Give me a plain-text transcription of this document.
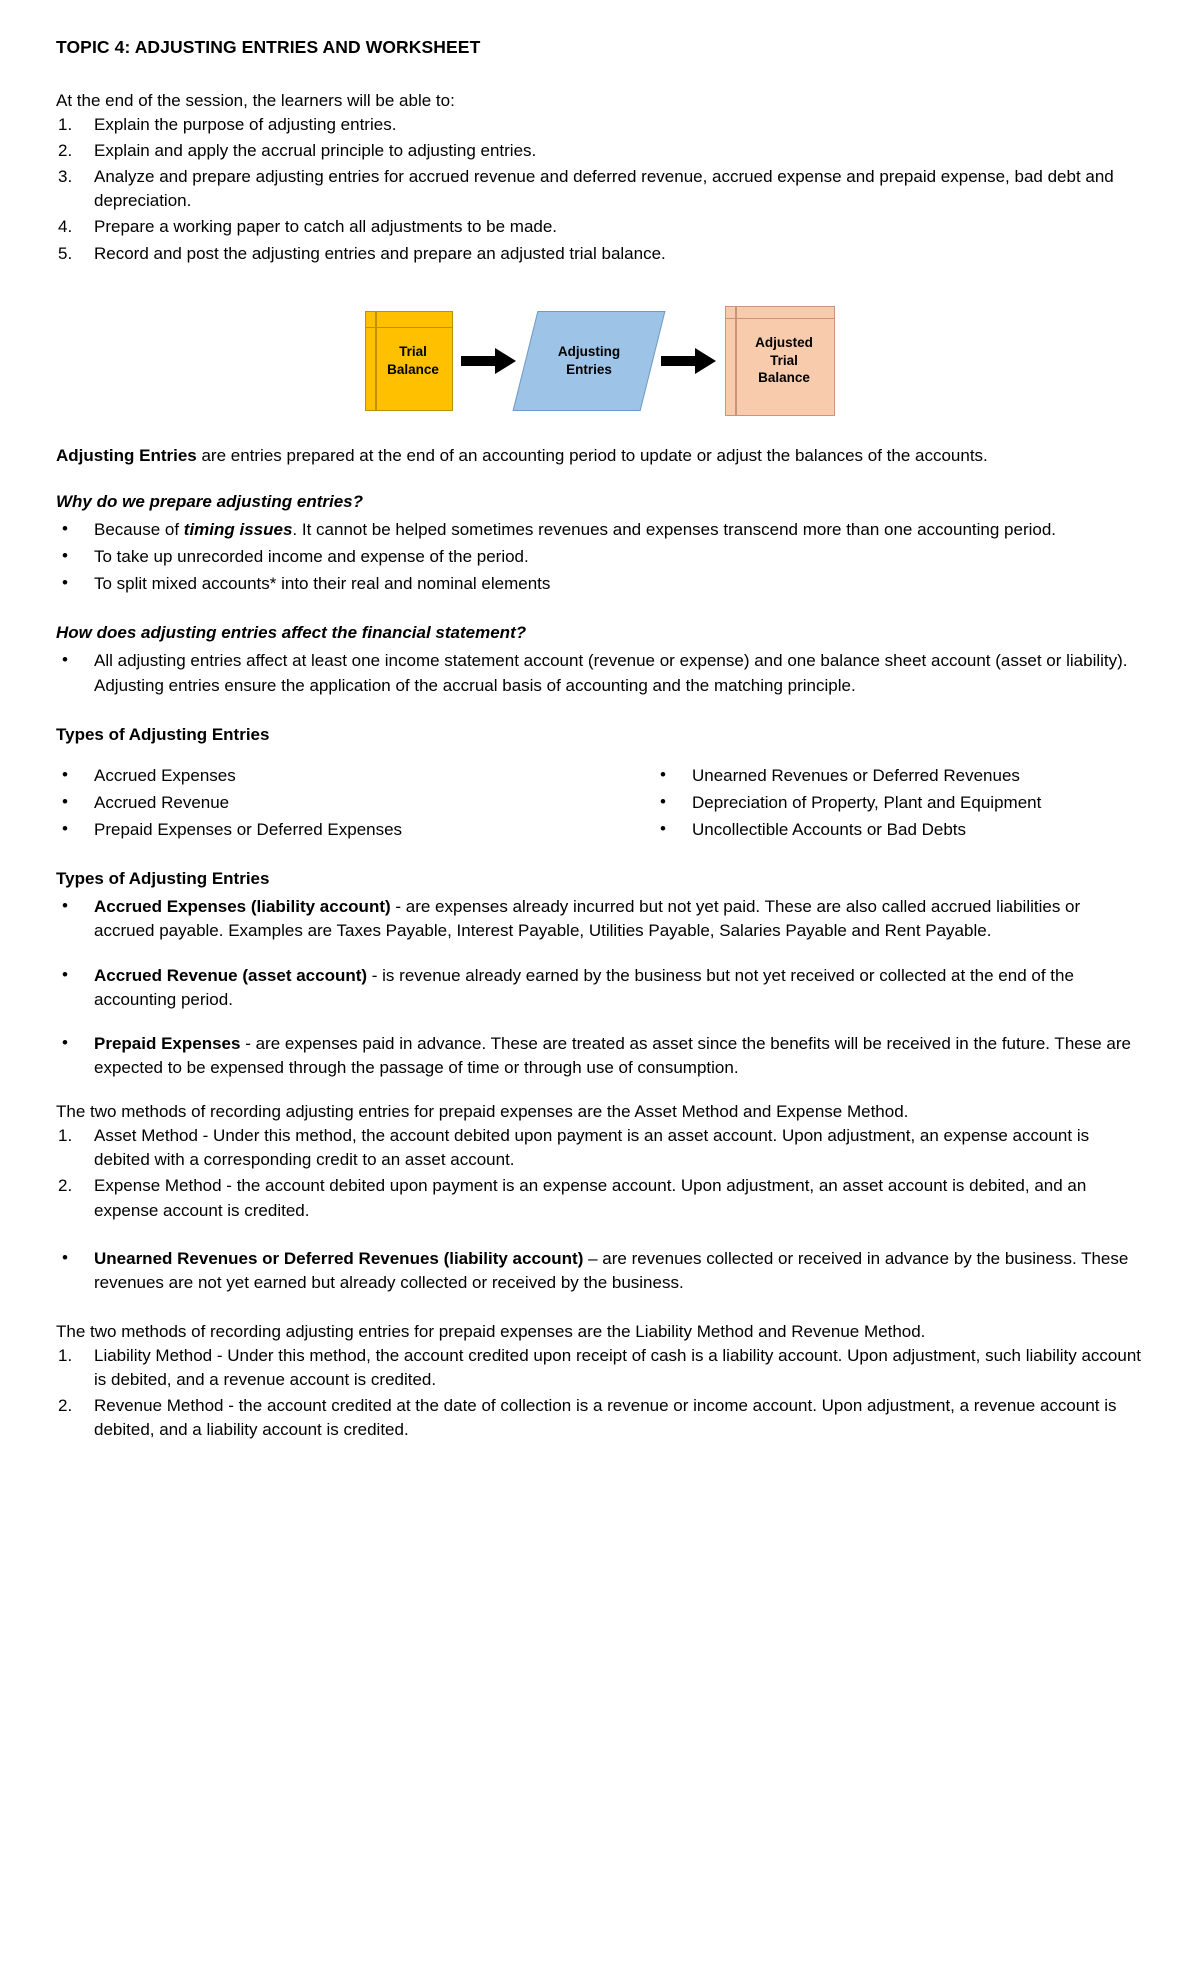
TOPIC 4: ADJUSTING ENTRIES AND WORKSHEET

At the end of the session, the learners will be able to:

1.	Explain the purpose of adjusting entries.
2.	Explain and apply the accrual principle to adjusting entries.
3.	Analyze and prepare adjusting entries for accrued revenue and deferred revenue, accrued expense and prepaid expense, bad debt and depreciation.
4.	Prepare a working paper to catch all adjustments to be made.
5.	Record and post the adjusting entries and prepare an adjusted trial balance.
Trial
Balance
Adjusting
Entries
Adjusted
Trial
Balance

Adjusting Entries are entries prepared at the end of an accounting period to update or adjust the balances of the accounts.

Why do we prepare adjusting entries?

• Because of timing issues. It cannot be helped sometimes revenues and expenses transcend more than one accounting period.
• To take up unrecorded income and expense of the period.
• To split mixed accounts* into their real and nominal elements

How does adjusting entries affect the financial statement?

• All adjusting entries affect at least one income statement account (revenue or expense) and one balance sheet account (asset or liability). Adjusting entries ensure the application of the accrual basis of accounting and the matching principle.

Types of Adjusting Entries

• Accrued Expenses
• Accrued Revenue
• Prepaid Expenses or Deferred Expenses
• Unearned Revenues or Deferred Revenues
• Depreciation of Property, Plant and Equipment
• Uncollectible Accounts or Bad Debts

Types of Adjusting Entries

• Accrued Expenses (liability account) - are expenses already incurred but not yet paid. These are also called accrued liabilities or accrued payable. Examples are Taxes Payable, Interest Payable, Utilities Payable, Salaries Payable and Rent Payable.
• Accrued Revenue (asset account) - is revenue already earned by the business but not yet received or collected at the end of the accounting period.
• Prepaid Expenses - are expenses paid in advance. These are treated as asset since the benefits will be received in the future. These are expected to be expensed through the passage of time or through use of consumption.

The two methods of recording adjusting entries for prepaid expenses are the Asset Method and Expense Method.

1.	Asset Method - Under this method, the account debited upon payment is an asset account. Upon adjustment, an expense account is debited with a corresponding credit to an asset account.
2.	Expense Method - the account debited upon payment is an expense account. Upon adjustment, an asset account is debited, and an expense account is credited.
• Unearned Revenues or Deferred Revenues (liability account) – are revenues collected or received in advance by the business. These revenues are not yet earned but already collected or received by the business.

The two methods of recording adjusting entries for prepaid expenses are the Liability Method and Revenue Method.

1.	Liability Method - Under this method, the account credited upon receipt of cash is a liability account. Upon adjustment, such liability account is debited, and a revenue account is credited.
2.	Revenue Method - the account credited at the date of collection is a revenue or income account. Upon adjustment, a revenue account is debited, and a liability account is credited.
